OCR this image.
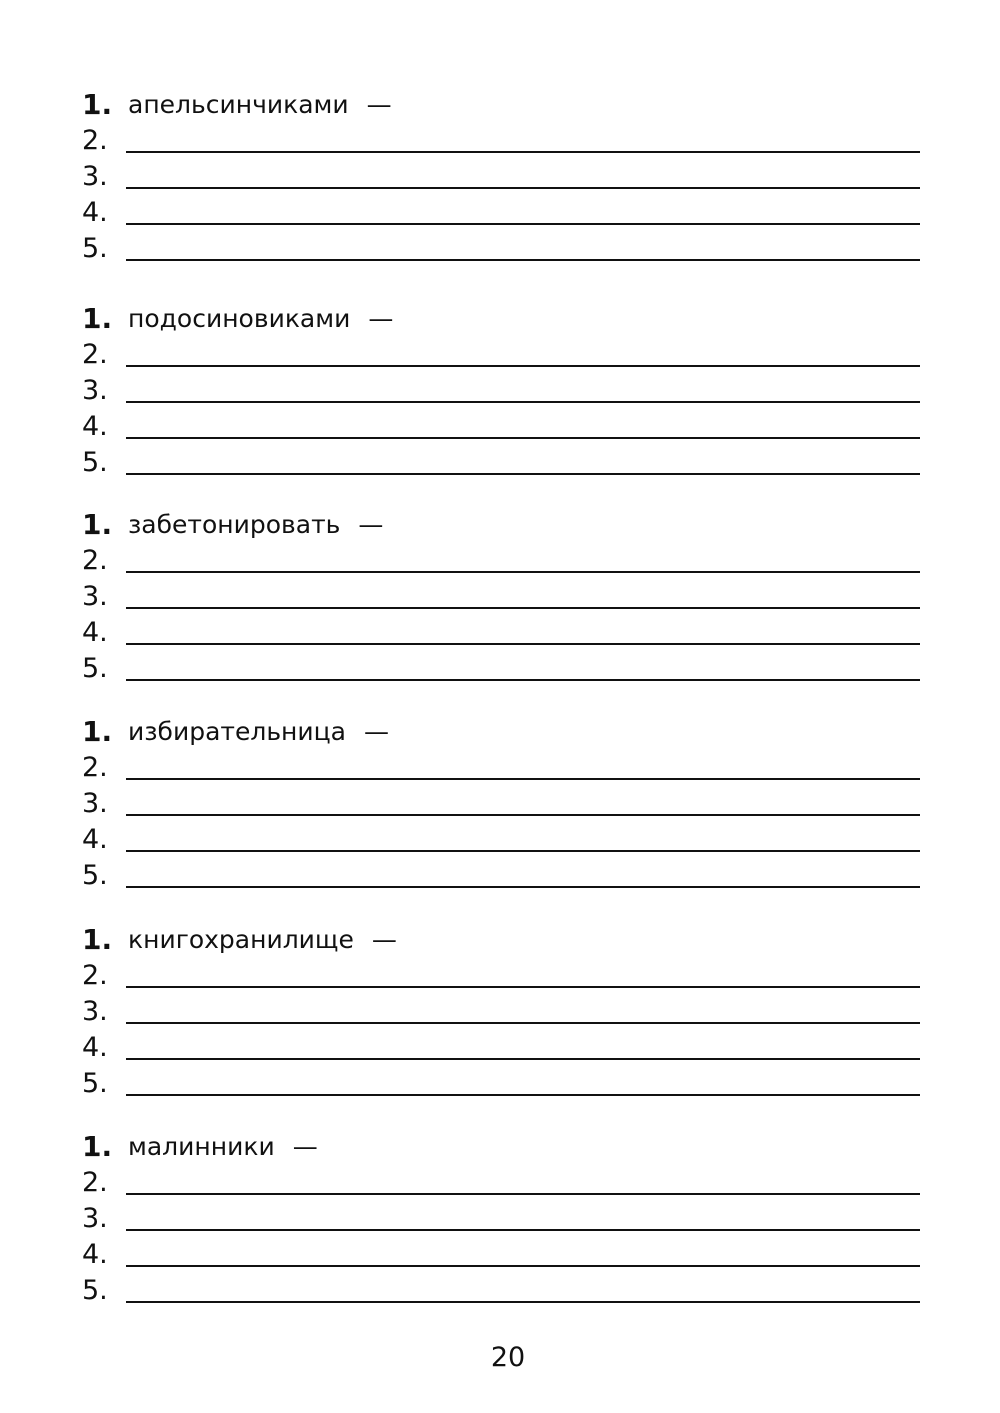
1. апельсинчиками —
2.
3.
4.
5.
1. подосиновиками —
2.
3.
4.
5.
1. забетонировать —
2.
3.
4.
5.
1. избирательница —
2.
3.
4.
5.
1. книгохранилище —
2.
3.
4.
5.
1. малинники —
2.
3.
4.
5.
20
